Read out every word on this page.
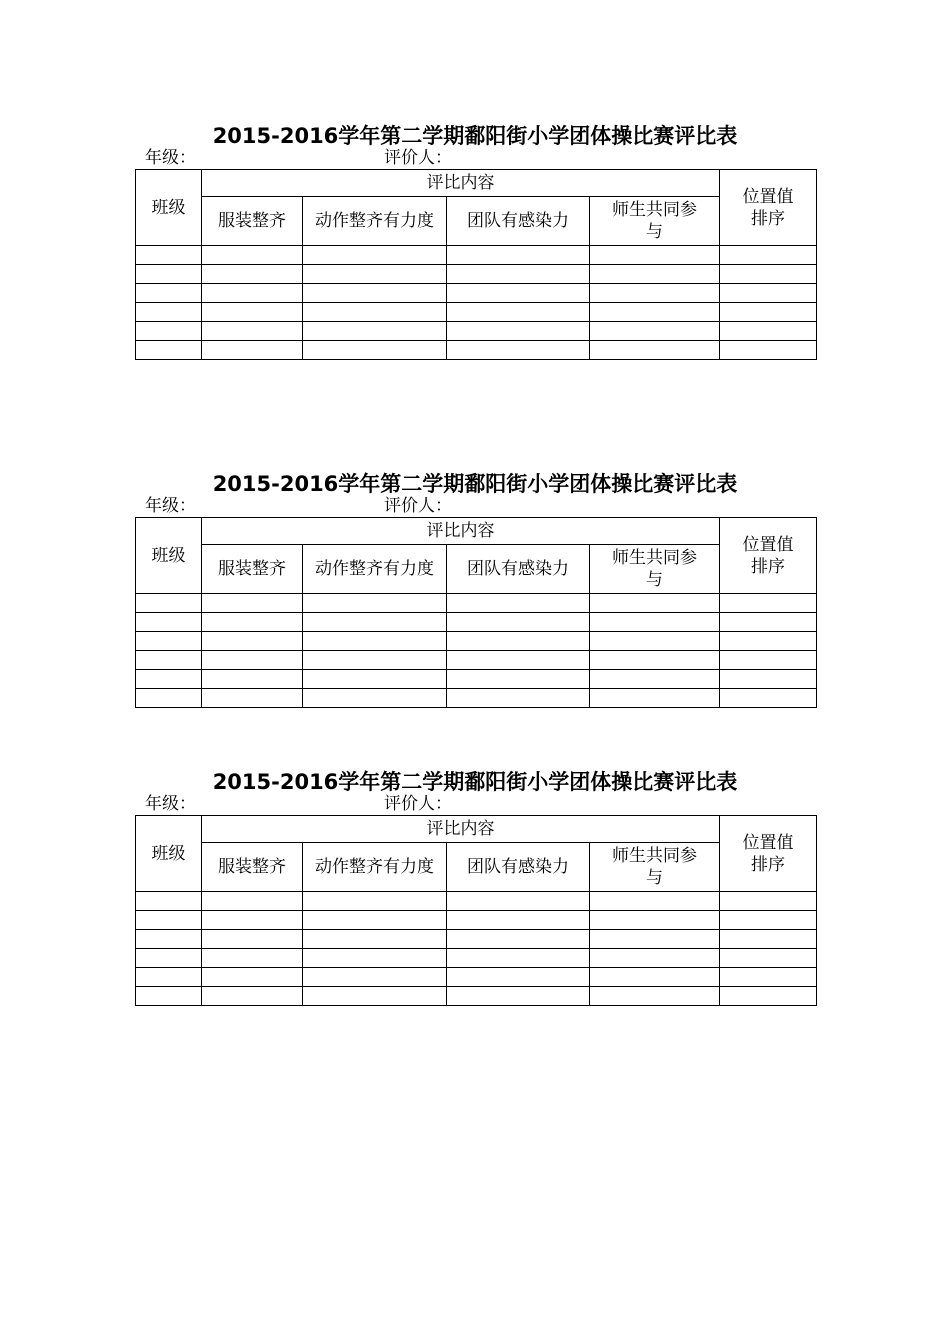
2015-2016学年第二学期鄱阳街小学团体操比赛评比表
年级：	评价人：
班级	评比内容				位置值排序
	服装整齐	动作整齐有力度	团队有感染力	师生共同参与	

2015-2016学年第二学期鄱阳街小学团体操比赛评比表
年级：	评价人：
班级	评比内容				位置值排序
	服装整齐	动作整齐有力度	团队有感染力	师生共同参与	

2015-2016学年第二学期鄱阳街小学团体操比赛评比表
年级：	评价人：
班级	评比内容				位置值排序
	服装整齐	动作整齐有力度	团队有感染力	师生共同参与	
